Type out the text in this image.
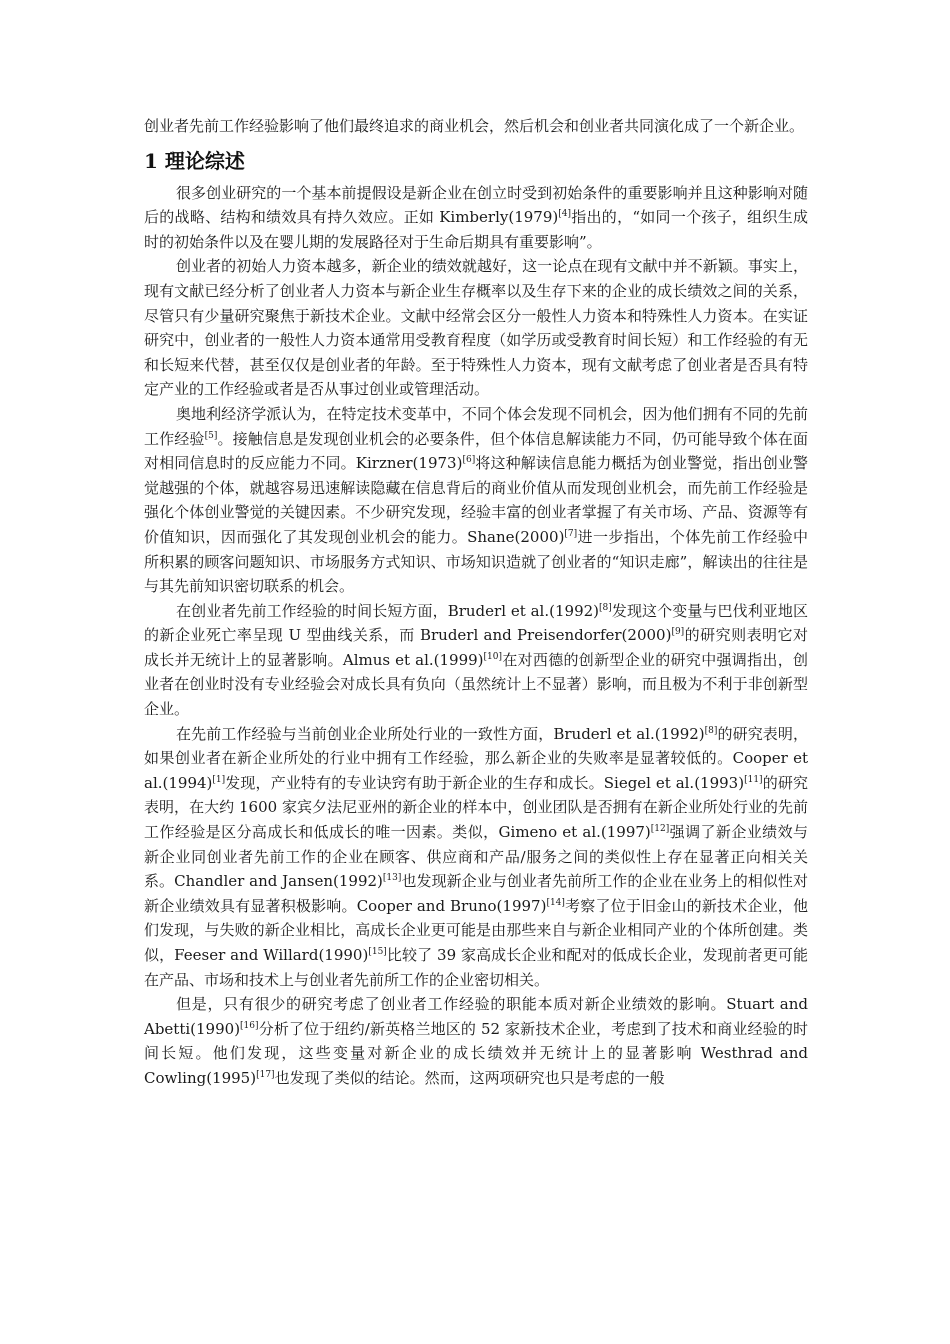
创业者先前工作经验影响了他们最终追求的商业机会，然后机会和创业者共同演化成了一个新企业。

1 理论综述

很多创业研究的一个基本前提假设是新企业在创立时受到初始条件的重要影响并且这种影响对随后的战略、结构和绩效具有持久效应。正如 Kimberly(1979)[4]指出的，“如同一个孩子，组织生成时的初始条件以及在婴儿期的发展路径对于生命后期具有重要影响”。

创业者的初始人力资本越多，新企业的绩效就越好，这一论点在现有文献中并不新颖。事实上，现有文献已经分析了创业者人力资本与新企业生存概率以及生存下来的企业的成长绩效之间的关系，尽管只有少量研究聚焦于新技术企业。文献中经常会区分一般性人力资本和特殊性人力资本。在实证研究中，创业者的一般性人力资本通常用受教育程度（如学历或受教育时间长短）和工作经验的有无和长短来代替，甚至仅仅是创业者的年龄。至于特殊性人力资本，现有文献考虑了创业者是否具有特定产业的工作经验或者是否从事过创业或管理活动。

奥地利经济学派认为，在特定技术变革中，不同个体会发现不同机会，因为他们拥有不同的先前工作经验[5]。接触信息是发现创业机会的必要条件，但个体信息解读能力不同，仍可能导致个体在面对相同信息时的反应能力不同。Kirzner(1973)[6]将这种解读信息能力概括为创业警觉，指出创业警觉越强的个体，就越容易迅速解读隐藏在信息背后的商业价值从而发现创业机会，而先前工作经验是强化个体创业警觉的关键因素。不少研究发现，经验丰富的创业者掌握了有关市场、产品、资源等有价值知识，因而强化了其发现创业机会的能力。Shane(2000)[7]进一步指出，个体先前工作经验中所积累的顾客问题知识、市场服务方式知识、市场知识造就了创业者的“知识走廊”，解读出的往往是与其先前知识密切联系的机会。

在创业者先前工作经验的时间长短方面，Bruderl et al.(1992)[8]发现这个变量与巴伐利亚地区的新企业死亡率呈现 U 型曲线关系，而 Bruderl and Preisendorfer(2000)[9]的研究则表明它对成长并无统计上的显著影响。Almus et al.(1999)[10]在对西德的创新型企业的研究中强调指出，创业者在创业时没有专业经验会对成长具有负向（虽然统计上不显著）影响，而且极为不利于非创新型企业。

在先前工作经验与当前创业企业所处行业的一致性方面，Bruderl et al.(1992)[8]的研究表明，如果创业者在新企业所处的行业中拥有工作经验，那么新企业的失败率是显著较低的。Cooper et al.(1994)[1]发现，产业特有的专业诀窍有助于新企业的生存和成长。Siegel et al.(1993)[11]的研究表明，在大约 1600 家宾夕法尼亚州的新企业的样本中，创业团队是否拥有在新企业所处行业的先前工作经验是区分高成长和低成长的唯一因素。类似，Gimeno et al.(1997)[12]强调了新企业绩效与新企业同创业者先前工作的企业在顾客、供应商和产品/服务之间的类似性上存在显著正向相关关系。Chandler and Jansen(1992)[13]也发现新企业与创业者先前所工作的企业在业务上的相似性对新企业绩效具有显著积极影响。Cooper and Bruno(1997)[14]考察了位于旧金山的新技术企业，他们发现，与失败的新企业相比，高成长企业更可能是由那些来自与新企业相同产业的个体所创建。类似，Feeser and Willard(1990)[15]比较了 39 家高成长企业和配对的低成长企业，发现前者更可能在产品、市场和技术上与创业者先前所工作的企业密切相关。

但是，只有很少的研究考虑了创业者工作经验的职能本质对新企业绩效的影响。Stuart and Abetti(1990)[16]分析了位于纽约/新英格兰地区的 52 家新技术企业，考虑到了技术和商业经验的时间长短。他们发现，这些变量对新企业的成长绩效并无统计上的显著影响 Westhrad and Cowling(1995)[17]也发现了类似的结论。然而，这两项研究也只是考虑的一般
